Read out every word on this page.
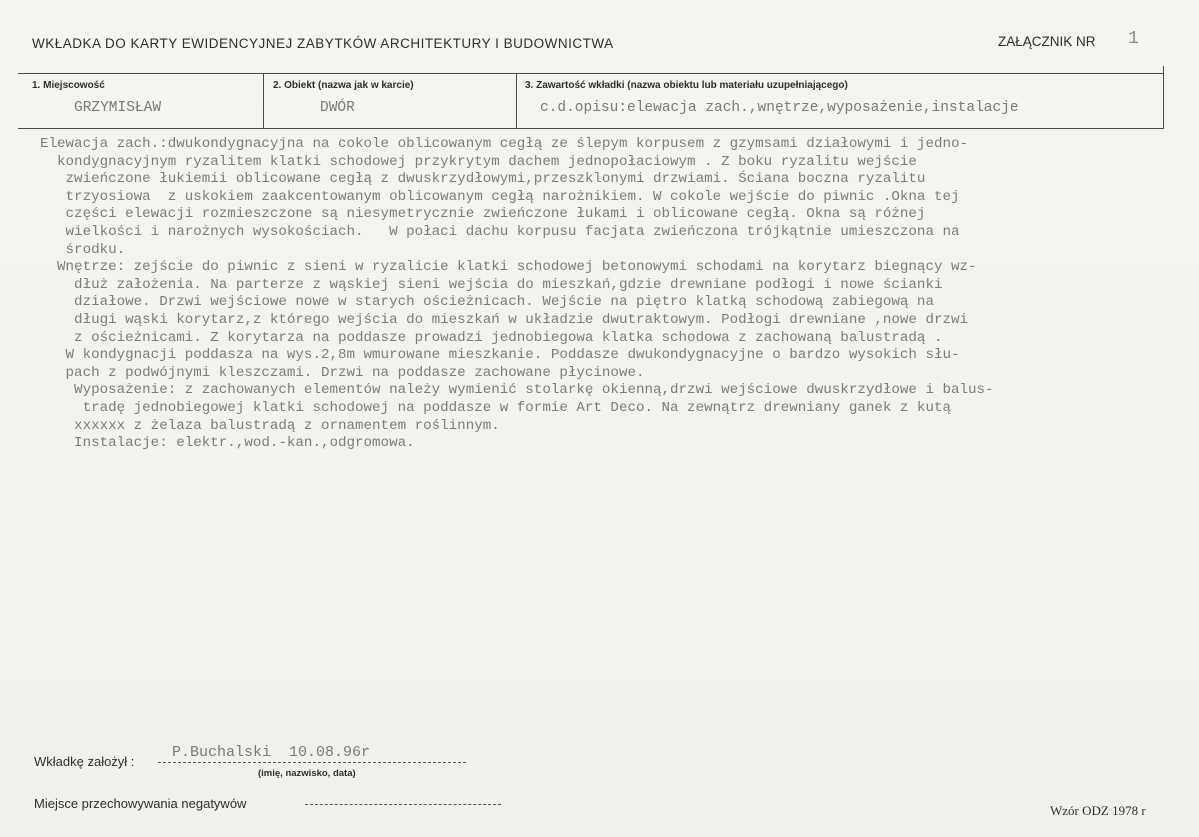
WKŁADKA DO KARTY EWIDENCYJNEJ ZABYTKÓW ARCHITEKTURY I BUDOWNICTWA	ZAŁĄCZNIK NR 1
1. Miejscowość
GRZYMISŁAW
2. Obiekt (nazwa jak w karcie)
DWÓR
3. Zawartość wkładki (nazwa obiektu lub materiału uzupełniającego)
c.d.opisu:elewacja zach.,wnętrze,wyposażenie,instalacje
Elewacja zach.:dwukondygnacyjna na cokole oblicowanym cegłą ze ślepym korpusem z gzymsami działowymi i jedno-
kondygnacyjnym ryzalitem klatki schodowej przykrytym dachem jednopołaciowym . Z boku ryzalitu wejście
zwieńczone łukiemii oblicowane cegłą z dwuskrzydłowymi,przeszklonymi drzwiami. Ściana boczna ryzalitu
trzyosiowa  z uskokiem zaakcentowanym oblicowanym cegłą narożnikiem. W cokole wejście do piwnic .Okna tej
części elewacji rozmieszczone są niesymetrycznie zwieńczone łukami i oblicowane cegłą. Okna są różnej
wielkości i narożnych wysokościach.   W połaci dachu korpusu facjata zwieńczona trójkątnie umieszczona na
środku.
Wnętrze: zejście do piwnic z sieni w ryzalicie klatki schodowej betonowymi schodami na korytarz biegnący wz-
dłuż założenia. Na parterze z wąskiej sieni wejścia do mieszkań,gdzie drewniane podłogi i nowe ścianki
działowe. Drzwi wejściowe nowe w starych ościeżnicach. Wejście na piętro klatką schodową zabiegową na
długi wąski korytarz,z którego wejścia do mieszkań w układzie dwutraktowym. Podłogi drewniane ,nowe drzwi
z ościeżnicami. Z korytarza na poddasze prowadzi jednobiegowa klatka schodowa z zachowaną balustradą .
W kondygnacji poddasza na wys.2,8m wmurowane mieszkanie. Poddasze dwukondygnacyjne o bardzo wysokich słu-
pach z podwójnymi kleszczami. Drzwi na poddasze zachowane płycinowe.
Wyposażenie: z zachowanych elementów należy wymienić stolarkę okienną,drzwi wejściowe dwuskrzydłowe i balus-
tradę jednobiegowej klatki schodowej na poddasze w formie Art Deco. Na zewnątrz drewniany ganek z kutą
xxxxxx z żelaza balustradą z ornamentem roślinnym.
Instalacje: elektr.,wod.-kan.,odgromowa.
Wkładkę założył :
P.Buchalski  10.08.96r
(imię, nazwisko, data)
Miejsce przechowywania negatywów	Wzór ODZ 1978 r
